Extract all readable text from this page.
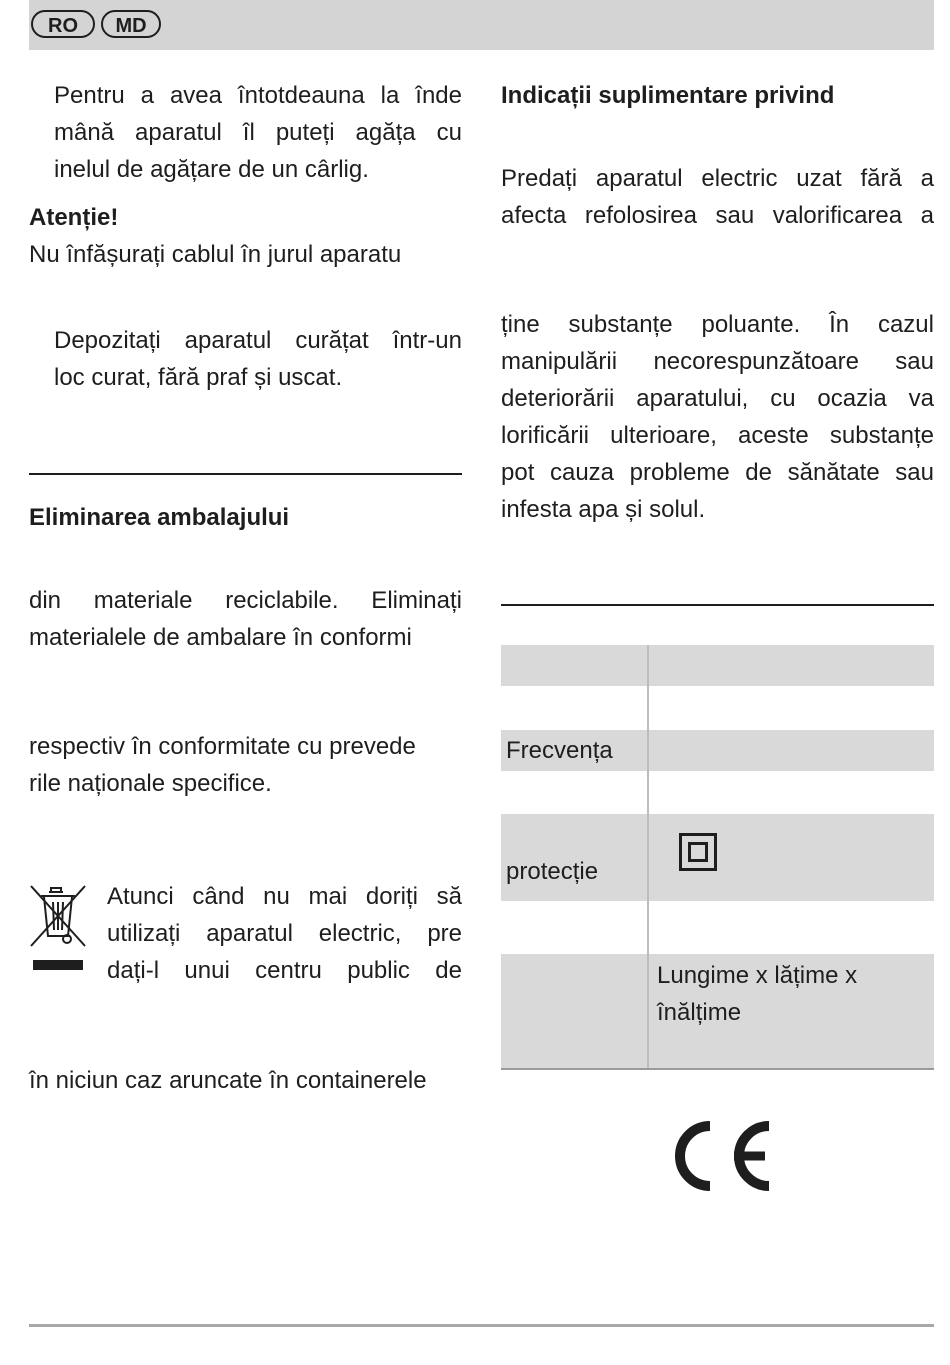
RO	MD
Pentru a avea întotdeauna la înde
mână aparatul îl puteți agăța cu
inelul de agățare de un cârlig.
Atenție!
Nu înfășurați cablul în jurul aparatu
Depozitați aparatul curățat într-un
loc curat, fără praf și uscat.
Eliminarea ambalajului
din materiale reciclabile. Eliminați
materialele de ambalare în conformi
respectiv în conformitate cu prevede
rile naționale specifice.
Atunci când nu mai doriți să
utilizați aparatul electric, pre
dați-l unui centru public de
în niciun caz aruncate în containerele
Indicații suplimentare privind
Predați aparatul electric uzat fără a
afecta refolosirea sau valorificarea a
ține substanțe poluante. În cazul
manipulării necorespunzătoare sau
deteriorării aparatului, cu ocazia va
lorificării ulterioare, aceste substanțe
pot cauza probleme de sănătate sau
infesta apa și solul.
Frecvența
protecție
Lungime x lățime x
înălțime
